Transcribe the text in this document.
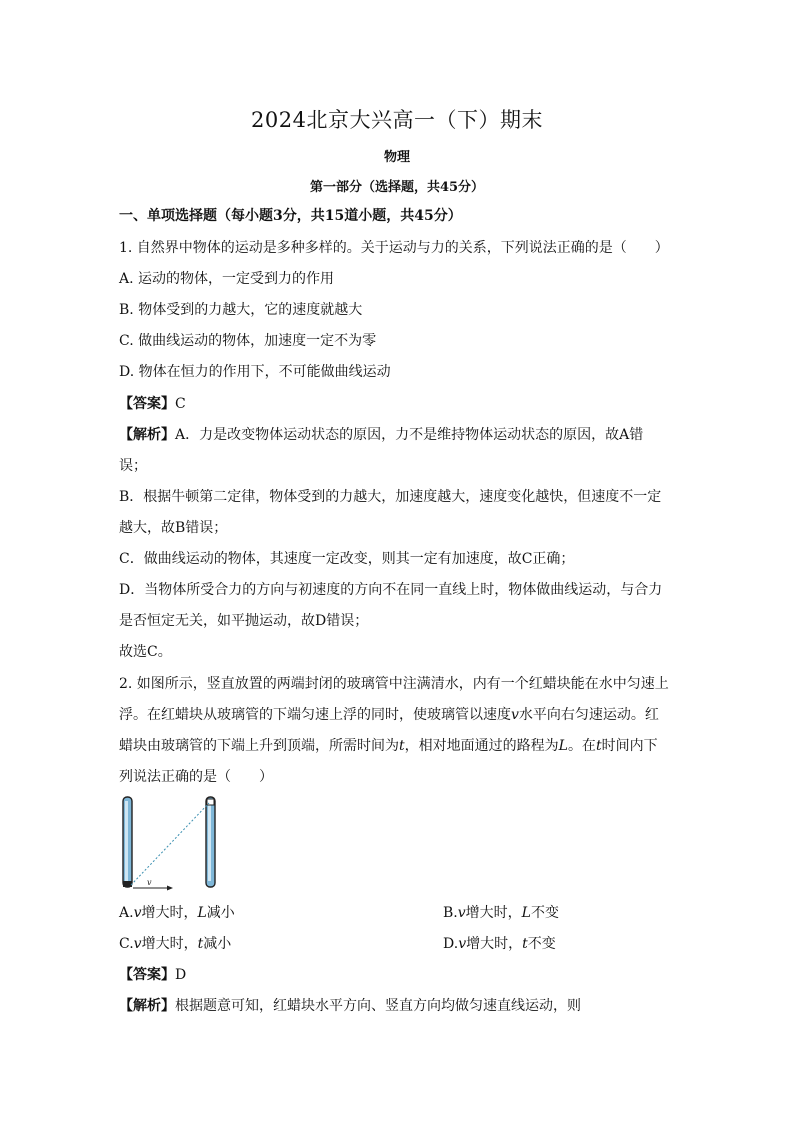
2024北京大兴高一（下）期末
物理
第一部分（选择题，共45分）
一、单项选择题（每小题3分，共15道小题，共45分）
1. 自然界中物体的运动是多种多样的。关于运动与力的关系，下列说法正确的是（　　）
A. 运动的物体，一定受到力的作用
B. 物体受到的力越大，它的速度就越大
C. 做曲线运动的物体，加速度一定不为零
D. 物体在恒力的作用下，不可能做曲线运动
【答案】C
【解析】A．力是改变物体运动状态的原因，力不是维持物体运动状态的原因，故A错
误；
B．根据牛顿第二定律，物体受到的力越大，加速度越大，速度变化越快，但速度不一定
越大，故B错误；
C．做曲线运动的物体，其速度一定改变，则其一定有加速度，故C正确；
D．当物体所受合力的方向与初速度的方向不在同一直线上时，物体做曲线运动，与合力
是否恒定无关，如平抛运动，故D错误；
故选C。
2. 如图所示，竖直放置的两端封闭的玻璃管中注满清水，内有一个红蜡块能在水中匀速上
浮。在红蜡块从玻璃管的下端匀速上浮的同时，使玻璃管以速度v水平向右匀速运动。红
蜡块由玻璃管的下端上升到顶端，所需时间为t，相对地面通过的路程为L。在t时间内下
列说法正确的是（　　）
v
A.v增大时，L减小	B.v增大时，L不变
C.v增大时，t减小	D.v增大时，t不变
【答案】D
【解析】根据题意可知，红蜡块水平方向、竖直方向均做匀速直线运动，则
